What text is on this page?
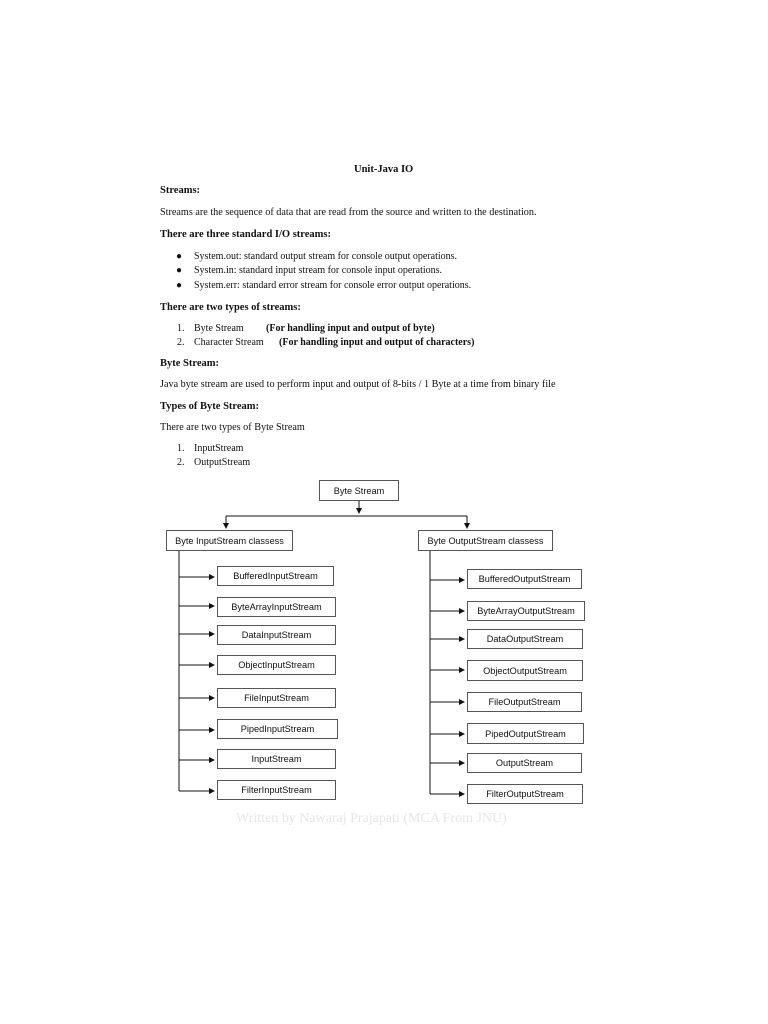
Unit-Java IO
Streams:
Streams are the sequence of data that are read from the source and written to the destination.
There are three standard I/O streams:
● System.out: standard output stream for console output operations.
● System.in: standard input stream for console input operations.
● System.err: standard error stream for console error output operations.
There are two types of streams:
1. Byte Stream (For handling input and output of byte)
2. Character Stream (For handling input and output of characters)
Byte Stream:
Java byte stream are used to perform input and output of 8-bits / 1 Byte at a time from binary file
Types of Byte Stream:
There are two types of Byte Stream
1. InputStream
2. OutputStream
Byte Stream
Byte InputStream classess	Byte OutputStream classess
BufferedInputStream
ByteArrayInputStream
DataInputStream
ObjectInputStream
FileInputStream
PipedInputStream
InputStream
FilterInputStream
BufferedOutputStream
ByteArrayOutputStream
DataOutputStream
ObjectOutputStream
FileOutputStream
PipedOutputStream
OutputStream
FilterOutputStream
Written by Nawaraj Prajapati (MCA From JNU)
